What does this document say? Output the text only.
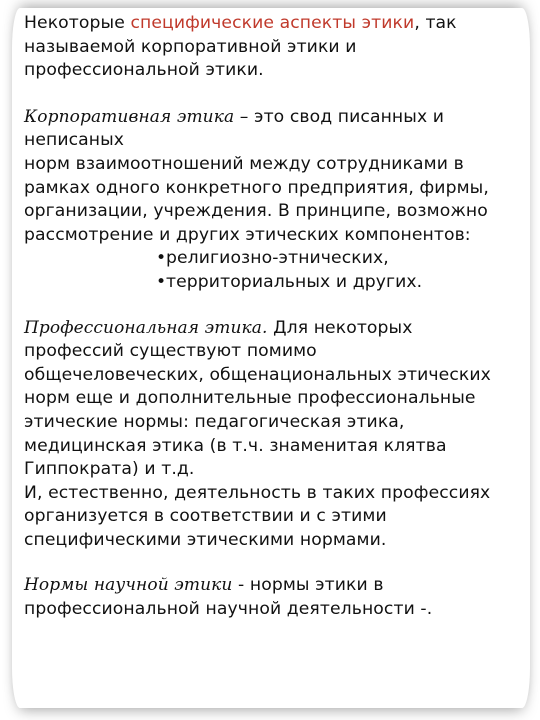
Некоторые специфические аспекты этики, так

называемой корпоративной этики и

профессиональной этики.

Корпоративная этика – это свод писанных и

неписаных

норм взаимоотношений между сотрудниками в

рамках одного конкретного предприятия, фирмы,

организации, учреждения. В принципе, возможно

рассмотрение и других этических компонентов:

•религиозно-этнических,

•территориальных и других.

Профессиональная этика. Для некоторых

профессий существуют помимо

общечеловеческих, общенациональных этических

норм еще и дополнительные профессиональные

этические нормы: педагогическая этика,

медицинская этика (в т.ч. знаменитая клятва

Гиппократа) и т.д.

И, естественно, деятельность в таких профессиях

организуется в соответствии и с этими

специфическими этическими нормами.

Нормы научной этики - нормы этики в

профессиональной научной деятельности -.
